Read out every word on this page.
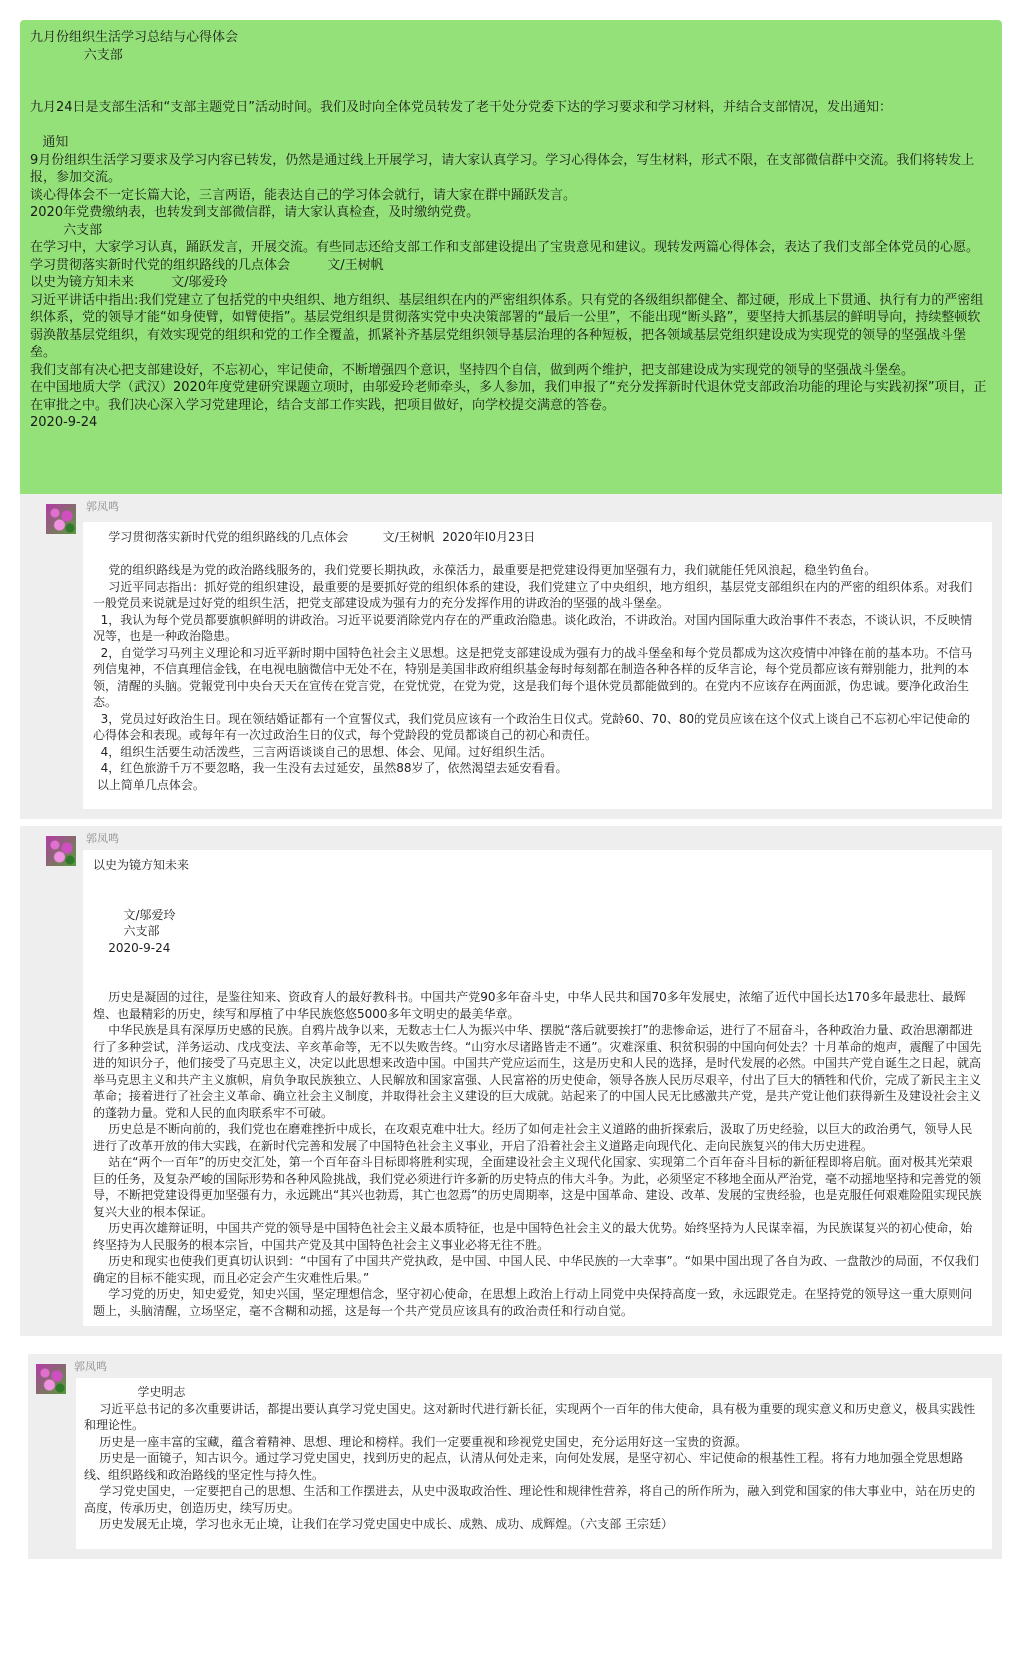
九月份组织生活学习总结与心得体会

六支部

九月24日是支部生活和“支部主题党日”活动时间。我们及时向全体党员转发了老干处分党委下达的学习要求和学习材料，并结合支部情况，发出通知：

通知

9月份组织生活学习要求及学习内容已转发，仍然是通过线上开展学习，请大家认真学习。学习心得体会，写生材料，形式不限，在支部微信群中交流。我们将转发上报，参加交流。

谈心得体会不一定长篇大论，三言两语，能表达自己的学习体会就行，请大家在群中踊跃发言。

2020年党费缴纳表，也转发到支部微信群，请大家认真检查，及时缴纳党费。

六支部

在学习中，大家学习认真，踊跃发言，开展交流。有些同志还给支部工作和支部建设提出了宝贵意见和建议。现转发两篇心得体会，表达了我们支部全体党员的心愿。

学习贯彻落实新时代党的组织路线的几点体会         文/王树帆

以史为镜方知未来         文/邬爱玲

习近平讲话中指出:我们党建立了包括党的中央组织、地方组织、基层组织在内的严密组织体系。只有党的各级组织都健全、都过硬，形成上下贯通、执行有力的严密组织体系，党的领导才能“如身使臂，如臂使指”。基层党组织是贯彻落实党中央决策部署的“最后一公里”，不能出现“断头路”，要坚持大抓基层的鲜明导向，持续整顿软弱涣散基层党组织，有效实现党的组织和党的工作全覆盖，抓紧补齐基层党组织领导基层治理的各种短板，把各领域基层党组织建设成为实现党的领导的坚强战斗堡垒。

我们支部有决心把支部建设好，不忘初心，牢记使命，不断增强四个意识，坚持四个自信，做到两个维护，把支部建设成为实现党的领导的坚强战斗堡垒。

在中国地质大学（武汉）2020年度党建研究课题立项时，由邬爱玲老师牵头，多人参加，我们申报了“充分发挥新时代退休党支部政治功能的理论与实践初探”项目，正在审批之中。我们决心深入学习党建理论，结合支部工作实践，把项目做好，向学校提交满意的答卷。

2020-9-24

郭凤鸣

学习贯彻落实新时代党的组织路线的几点体会         文/王树帆  2020年I0月23日

党的组织路线是为党的政治路线服务的，我们党要长期执政，永葆活力，最重要是把党建设得更加坚强有力，我们就能任凭风浪起，稳坐钓鱼台。

习近平同志指出：抓好党的组织建设，最重要的是要抓好党的组织体系的建设，我们党建立了中央组织，地方组织，基层党支部组织在内的严密的组织体系。对我们一般党员来说就是过好党的组织生活，把党支部建设成为强有力的充分发挥作用的讲政治的坚强的战斗堡垒。

1，我认为每个党员都要旗帜鲜明的讲政治。习近平说要消除党内存在的严重政治隐患。谈化政治，不讲政治。对国内国际重大政治事件不表态，不谈认识，不反映情况等，也是一种政治隐患。

2，自觉学习马列主义理论和习近平新时期中国特色社会主义思想。这是把党支部建设成为强有力的战斗堡垒和每个党员都成为这次疫情中冲锋在前的基本功。不信马列信鬼神，不信真理信金钱，在电视电脑微信中无处不在，特别是美国非政府组织基金每时每刻都在制造各种各样的反华言论，每个党员都应该有辩别能力，批判的本领，清醒的头脑。党報党刊中央台天天在宣传在党言党，在党忧党，在党为党，这是我们每个退休党员都能做到的。在党内不应该存在两面派，伪忠诚。要净化政治生态。

3，党员过好政治生日。现在领结婚证都有一个宣誓仪式，我们党员应该有一个政治生日仪式。党龄60、70、80的党员应该在这个仪式上谈自己不忘初心牢记使命的心得体会和表现。或每年有一次过政治生日的仪式，每个党龄段的党员都谈自己的初心和责任。

4，组织生活要生动活泼些，三言两语谈谈自己的思想、体会、见闻。过好组织生活。

4，红色旅游千万不要忽略，我一生没有去过延安，虽然88岁了，依然渴望去延安看看。

以上简单几点体会。

郭凤鸣

以史为镜方知未来

文/邬爱玲

六支部

2020-9-24

历史是凝固的过往，是鉴往知来、资政育人的最好教科书。中国共产党90多年奋斗史，中华人民共和国70多年发展史，浓缩了近代中国长达170多年最悲壮、最辉煌、也最精彩的历史，续写和厚植了中华民族悠悠5000多年文明史的最美华章。

中华民族是具有深厚历史感的民族。自鸦片战争以来，无数志士仁人为振兴中华、摆脱“落后就要挨打”的悲惨命运，进行了不屈奋斗，各种政治力量、政治思潮都进行了多种尝试，洋务运动、戊戌变法、辛亥革命等，无不以失败告终。“山穷水尽诸路皆走不通”。灾难深重、积贫积弱的中国向何处去？十月革命的炮声，震醒了中国先进的知识分子，他们接受了马克思主义，决定以此思想来改造中国。中国共产党应运而生，这是历史和人民的选择，是时代发展的必然。中国共产党自诞生之日起，就高举马克思主义和共产主义旗帜，肩负争取民族独立、人民解放和国家富强、人民富裕的历史使命，领导各族人民历尽艰辛，付出了巨大的牺牲和代价，完成了新民主主义革命；接着进行了社会主义革命、确立社会主义制度，并取得社会主义建设的巨大成就。站起来了的中国人民无比感激共产党，是共产党让他们获得新生及建设社会主义的蓬勃力量。党和人民的血肉联系牢不可破。

历史总是不断向前的，我们党也在磨难挫折中成长，在攻艰克难中壮大。经历了如何走社会主义道路的曲折探索后，汲取了历史经验，以巨大的政治勇气，领导人民进行了改革开放的伟大实践，在新时代完善和发展了中国特色社会主义事业，开启了沿着社会主义道路走向现代化、走向民族复兴的伟大历史进程。

站在“两个一百年”的历史交汇处，第一个百年奋斗目标即将胜利实现，全面建设社会主义现代化国家、实现第二个百年奋斗目标的新征程即将启航。面对极其光荣艰巨的任务，及复杂严峻的国际形势和各种风险挑战，我们党必须进行许多新的历史特点的伟大斗争。为此，必须坚定不移地全面从严治党，毫不动摇地坚持和完善党的领导，不断把党建设得更加坚强有力，永远跳出“其兴也勃焉，其亡也忽焉”的历史周期率，这是中国革命、建设、改革、发展的宝贵经验，也是克服任何艰难险阻实现民族复兴大业的根本保证。

历史再次雄辩证明，中国共产党的领导是中国特色社会主义最本质特征，也是中国特色社会主义的最大优势。始终坚持为人民谋幸福，为民族谋复兴的初心使命，始终坚持为人民服务的根本宗旨，中国共产党及其中国特色社会主义事业必将无往不胜。

历史和现实也使我们更真切认识到：“中国有了中国共产党执政，是中国、中国人民、中华民族的一大幸事”。“如果中国出现了各自为政、一盘散沙的局面，不仅我们确定的目标不能实现，而且必定会产生灾难性后果。”

学习党的历史，知史爱党，知史兴国，坚定理想信念，坚守初心使命，在思想上政治上行动上同党中央保持高度一致，永远跟党走。在坚持党的领导这一重大原则问题上，头脑清醒，立场坚定，毫不含糊和动摇，这是每一个共产党员应该具有的政治责任和行动自觉。

郭凤鸣

学史明志

习近平总书记的多次重要讲话，都提出要认真学习党史国史。这对新时代进行新长征，实现两个一百年的伟大使命，具有极为重要的现实意义和历史意义，极具实践性和理论性。

历史是一座丰富的宝藏，蕴含着精神、思想、理论和榜样。我们一定要重视和珍视党史国史，充分运用好这一宝贵的资源。

历史是一面镜子，知古识今。通过学习党史国史，找到历史的起点，认清从何处走来，向何处发展，是坚守初心、牢记使命的根基性工程。将有力地加强全党思想路线、组织路线和政治路线的坚定性与持久性。

学习党史国史，一定要把自己的思想、生活和工作摆进去，从史中汲取政治性、理论性和规律性营养，将自己的所作所为，融入到党和国家的伟大事业中，站在历史的高度，传承历史，创造历史，续写历史。

历史发展无止境，学习也永无止境，让我们在学习党史国史中成长、成熟、成功、成辉煌。（六支部 王宗廷）
